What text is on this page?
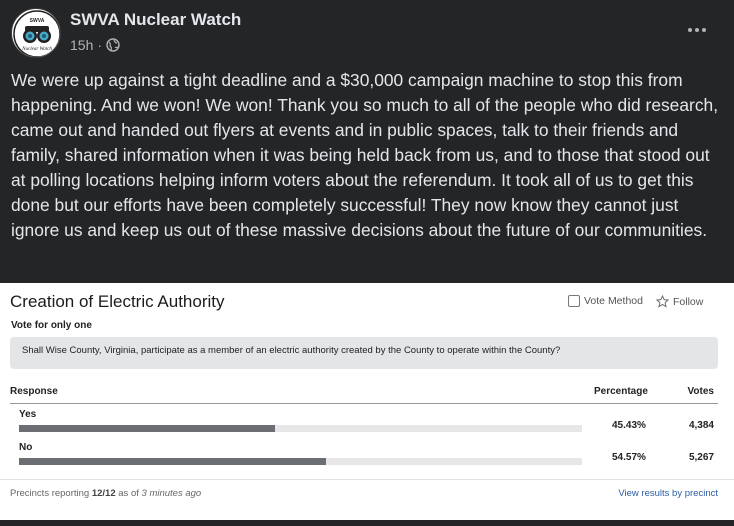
SWVA
Nuclear Watch
SWVA Nuclear Watch
15h ·
We were up against a tight deadline and a $30,000 campaign machine to stop this from happening. And we won! We won! Thank you so much to all of the people who did research, came out and handed out flyers at events and in public spaces, talk to their friends and family, shared information when it was being held back from us, and to those that stood out at polling locations helping inform voters about the referendum. It took all of us to get this done but our efforts have been completely successful! They now know they cannot just ignore us and keep us out of these massive decisions about the future of our communities.
Creation of Electric Authority
Vote for only one
Vote Method	Follow
Shall Wise County, Virginia, participate as a member of an electric authority created by the County to operate within the County?
Response	Percentage	Votes
Yes
45.43%	4,384
No
54.57%	5,267
Precincts reporting 12/12 as of 3 minutes ago	View results by precinct
